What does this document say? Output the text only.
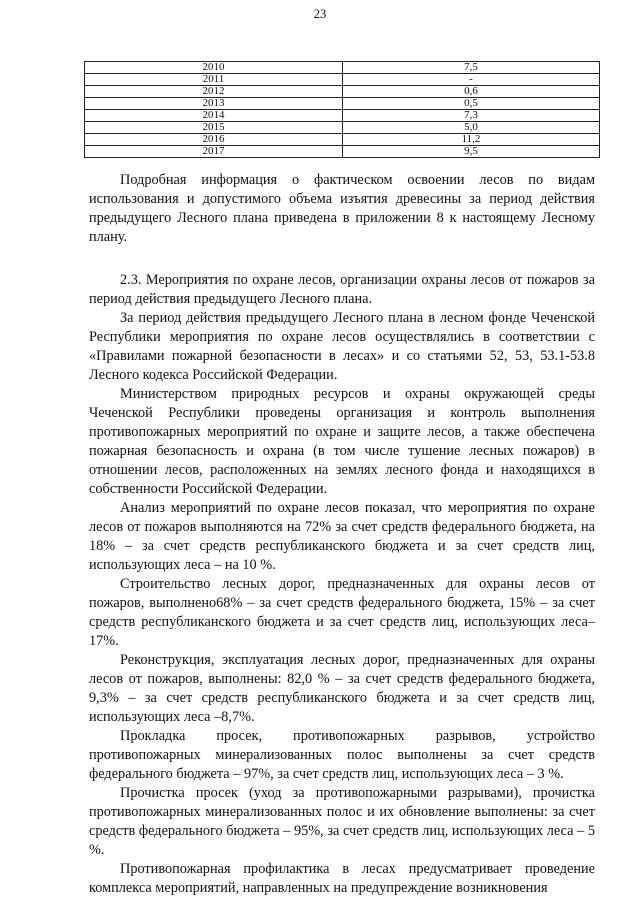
23
2010	7,5
2011	-
2012	0,6
2013	0,5
2014	7,3
2015	5,0
2016	11,2
2017	9,5

Подробная информация о фактическом освоении лесов по видам использования и допустимого объема изъятия древесины за период действия предыдущего Лесного плана приведена в приложении 8 к настоящему Лесному плану.

2.3. Мероприятия по охране лесов, организации охраны лесов от пожаров за период действия предыдущего Лесного плана.

За период действия предыдущего Лесного плана в лесном фонде Чеченской Республики мероприятия по охране лесов осуществлялись в соответствии с «Правилами пожарной безопасности в лесах» и со статьями 52, 53, 53.1-53.8 Лесного кодекса Российской Федерации.

Министерством природных ресурсов и охраны окружающей среды Чеченской Республики проведены организация и контроль выполнения противопожарных мероприятий по охране и защите лесов, а также обеспечена пожарная безопасность и охрана (в том числе тушение лесных пожаров) в отношении лесов, расположенных на землях лесного фонда и находящихся в собственности Российской Федерации.

Анализ мероприятий по охране лесов показал, что мероприятия по охране лесов от пожаров выполняются на 72% за счет средств федерального бюджета, на 18% – за счет средств республиканского бюджета и за счет средств лиц, использующих леса – на 10 %.

Строительство лесных дорог, предназначенных для охраны лесов от пожаров, выполнено68% – за счет средств федерального бюджета, 15% – за счет средств республиканского бюджета и за счет средств лиц, использующих леса– 17%.

Реконструкция, эксплуатация лесных дорог, предназначенных для охраны лесов от пожаров, выполнены: 82,0 % – за счет средств федерального бюджета, 9,3% – за счет средств республиканского бюджета и за счет средств лиц, использующих леса –8,7%.

Прокладка просек, противопожарных разрывов, устройство противопожарных минерализованных полос выполнены за счет средств федерального бюджета – 97%, за счет средств лиц, использующих леса – 3 %.

Прочистка просек (уход за противопожарными разрывами), прочистка противопожарных минерализованных полос и их обновление выполнены: за счет средств федерального бюджета – 95%, за счет средств лиц, использующих леса – 5 %.

Противопожарная профилактика в лесах предусматривает проведение комплекса мероприятий, направленных на предупреждение возникновения
